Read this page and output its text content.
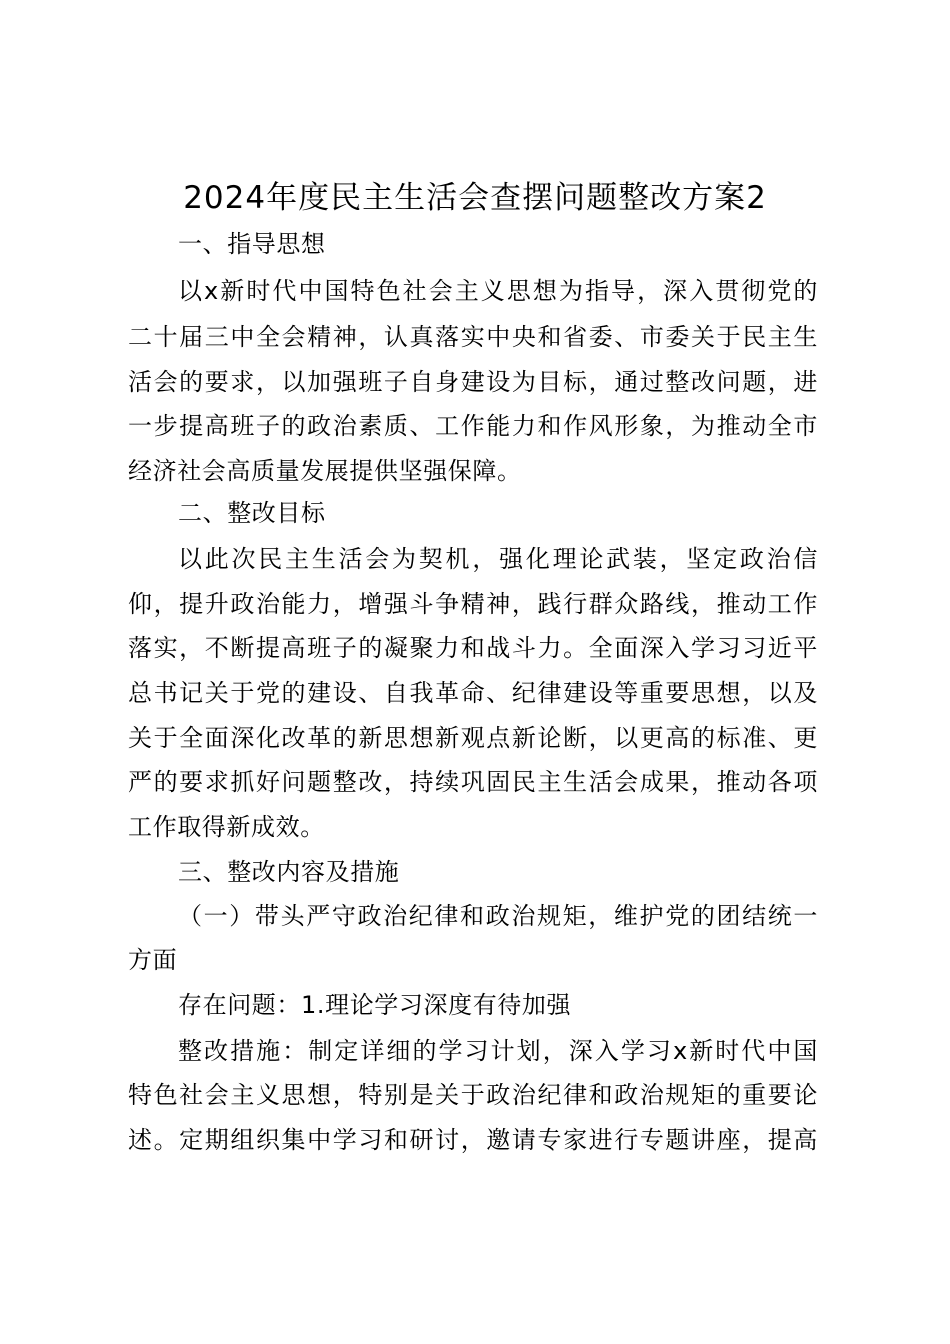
2024年度民主生活会查摆问题整改方案2
一、指导思想
以x新时代中国特色社会主义思想为指导，深入贯彻党的
二十届三中全会精神，认真落实中央和省委、市委关于民主生
活会的要求，以加强班子自身建设为目标，通过整改问题，进
一步提高班子的政治素质、工作能力和作风形象，为推动全市
经济社会高质量发展提供坚强保障。
二、整改目标
以此次民主生活会为契机，强化理论武装，坚定政治信
仰，提升政治能力，增强斗争精神，践行群众路线，推动工作
落实，不断提高班子的凝聚力和战斗力。全面深入学习习近平
总书记关于党的建设、自我革命、纪律建设等重要思想，以及
关于全面深化改革的新思想新观点新论断，以更高的标准、更
严的要求抓好问题整改，持续巩固民主生活会成果，推动各项
工作取得新成效。
三、整改内容及措施
（一）带头严守政治纪律和政治规矩，维护党的团结统一
方面
存在问题：1.理论学习深度有待加强
整改措施：制定详细的学习计划，深入学习x新时代中国
特色社会主义思想，特别是关于政治纪律和政治规矩的重要论
述。定期组织集中学习和研讨，邀请专家进行专题讲座，提高
